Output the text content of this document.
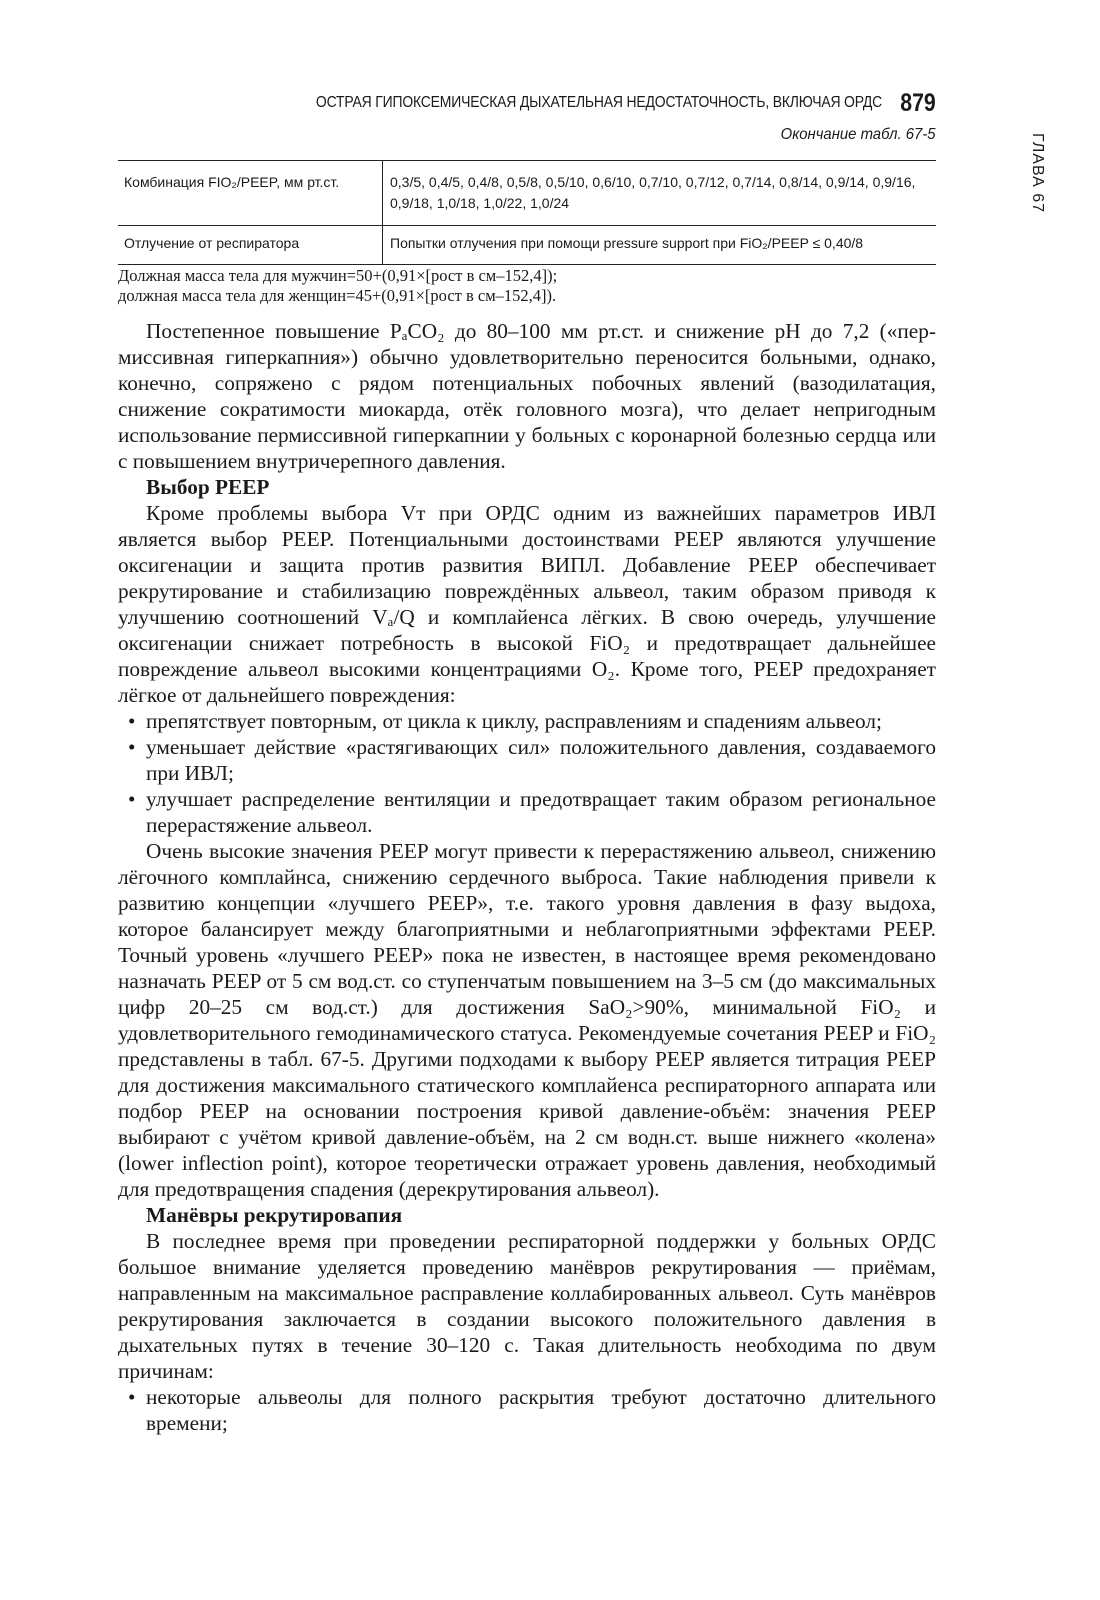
ГЛАВА 67
ОСТРАЯ ГИПОКСЕМИЧЕСКАЯ ДЫХАТЕЛЬНАЯ НЕДОСТАТОЧНОСТЬ, ВКЛЮЧАЯ ОРДС 879
Окончание табл. 67-5
Комбинация FIO₂/PEEP, мм рт.ст.	0,3/5, 0,4/5, 0,4/8, 0,5/8, 0,5/10, 0,6/10, 0,7/10, 0,7/12, 0,7/14, 0,8/14, 0,9/14, 0,9/16, 0,9/18, 1,0/18, 1,0/22, 1,0/24
Отлучение от респиратора	Попытки отлучения при помощи pressure support при FiO₂/PEEP ≤ 0,40/8
Должная масса тела для мужчин=50+(0,91×[рост в см–152,4]);
должная масса тела для женщин=45+(0,91×[рост в см–152,4]).

Постепенное повышение PₐCO₂ до 80–100 мм рт.ст. и снижение pH до 7,2 («пермиссивная гиперкапния») обычно удовлетворительно переносится больными, однако, конечно, сопряжено с рядом потенциальных побочных явлений (вазодилатация, снижение сократимости миокарда, отёк головного мозга), что делает непригодным использование пермиссивной гиперкапнии у больных с коронарной болезнью сердца или с повышением внутричерепного давления.

Выбор PEEP

Кроме проблемы выбора Vᴛ при ОРДС одним из важнейших параметров ИВЛ является выбор PEEP. Потенциальными достоинствами PEEP являются улучшение оксигенации и защита против развития ВИПЛ. Добавление PEEP обеспечивает рекрутирование и стабилизацию повреждённых альвеол, таким образом приводя к улучшению соотношений Vₐ/Q и комплайенса лёгких. В свою очередь, улучшение оксигенации снижает потребность в высокой FiO₂ и предотвращает дальнейшее повреждение альвеол высокими концентрациями O₂. Кроме того, PEEP предохраняет лёгкое от дальнейшего повреждения:

• препятствует повторным, от цикла к циклу, расправлениям и спадениям альвеол;
• уменьшает действие «растягивающих сил» положительного давления, создаваемого при ИВЛ;
• улучшает распределение вентиляции и предотвращает таким образом региональное перерастяжение альвеол.

Очень высокие значения PEEP могут привести к перерастяжению альвеол, снижению лёгочного комплайнса, снижению сердечного выброса. Такие наблюдения привели к развитию концепции «лучшего PEEP», т.е. такого уровня давления в фазу выдоха, которое балансирует между благоприятными и неблагоприятными эффектами PEEP. Точный уровень «лучшего PEEP» пока не известен, в настоящее время рекомендовано назначать PEEP от 5 см вод.ст. со ступенчатым повышением на 3–5 см (до максимальных цифр 20–25 см вод.ст.) для достижения SaO₂>90%, минимальной FiO₂ и удовлетворительного гемодинамического статуса. Рекомендуемые сочетания PEEP и FiO₂ представлены в табл. 67-5. Другими подходами к выбору PEEP является титрация PEEP для достижения максимального статического комплайенса респираторного аппарата или подбор PEEP на основании построения кривой давление-объём: значения PEEP выбирают с учётом кривой давление-объём, на 2 см водн.ст. выше нижнего «колена» (lower inflection point), которое теоретически отражает уровень давления, необходимый для предотвращения спадения (дерекрутирования альвеол).

Манёвры рекрутировапия

В последнее время при проведении респираторной поддержки у больных ОРДС большое внимание уделяется проведению манёвров рекрутирования — приёмам, направленным на максимальное расправление коллабированных альвеол. Суть манёвров рекрутирования заключается в создании высокого положительного давления в дыхательных путях в течение 30–120 с. Такая длительность необходима по двум причинам:

• некоторые альвеолы для полного раскрытия требуют достаточно длительного времени;
